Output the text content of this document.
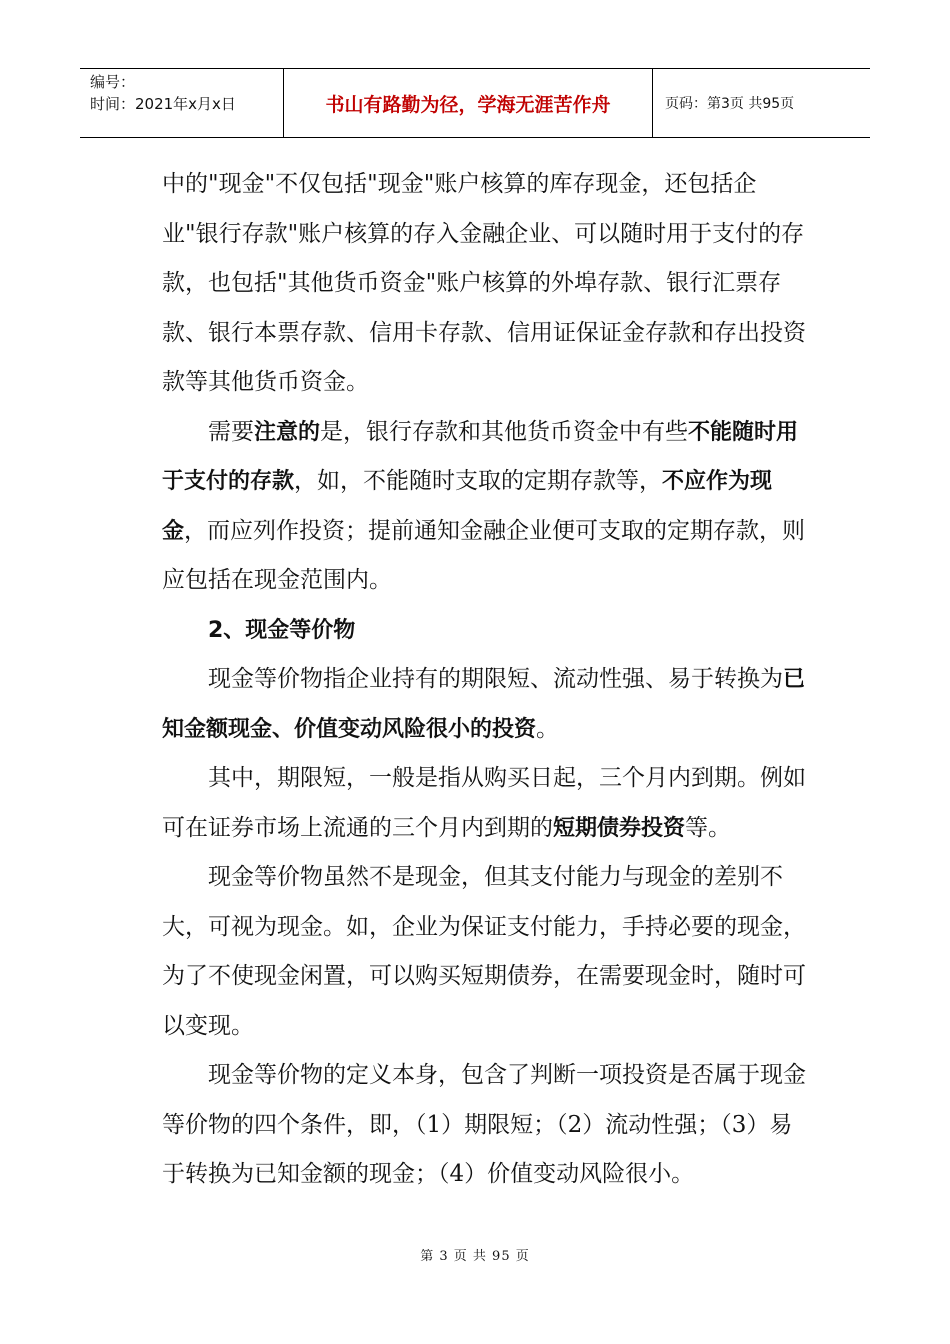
编号：
时间：2021年x月x日	书山有路勤为径，学海无涯苦作舟	页码：第3页 共95页

中的"现金"不仅包括"现金"账户核算的库存现金，还包括企业"银行存款"账户核算的存入金融企业、可以随时用于支付的存款，也包括"其他货币资金"账户核算的外埠存款、银行汇票存款、银行本票存款、信用卡存款、信用证保证金存款和存出投资款等其他货币资金。

需要注意的是，银行存款和其他货币资金中有些不能随时用于支付的存款，如，不能随时支取的定期存款等，不应作为现金，而应列作投资；提前通知金融企业便可支取的定期存款，则应包括在现金范围内。

2、现金等价物

现金等价物指企业持有的期限短、流动性强、易于转换为已知金额现金、价值变动风险很小的投资。

其中，期限短，一般是指从购买日起，三个月内到期。例如可在证券市场上流通的三个月内到期的短期债券投资等。

现金等价物虽然不是现金，但其支付能力与现金的差别不大，可视为现金。如，企业为保证支付能力，手持必要的现金，为了不使现金闲置，可以购买短期债券，在需要现金时，随时可以变现。

现金等价物的定义本身，包含了判断一项投资是否属于现金等价物的四个条件，即，（1）期限短；（2）流动性强；（3）易于转换为已知金额的现金；（4）价值变动风险很小。

第 3 页 共 95 页
